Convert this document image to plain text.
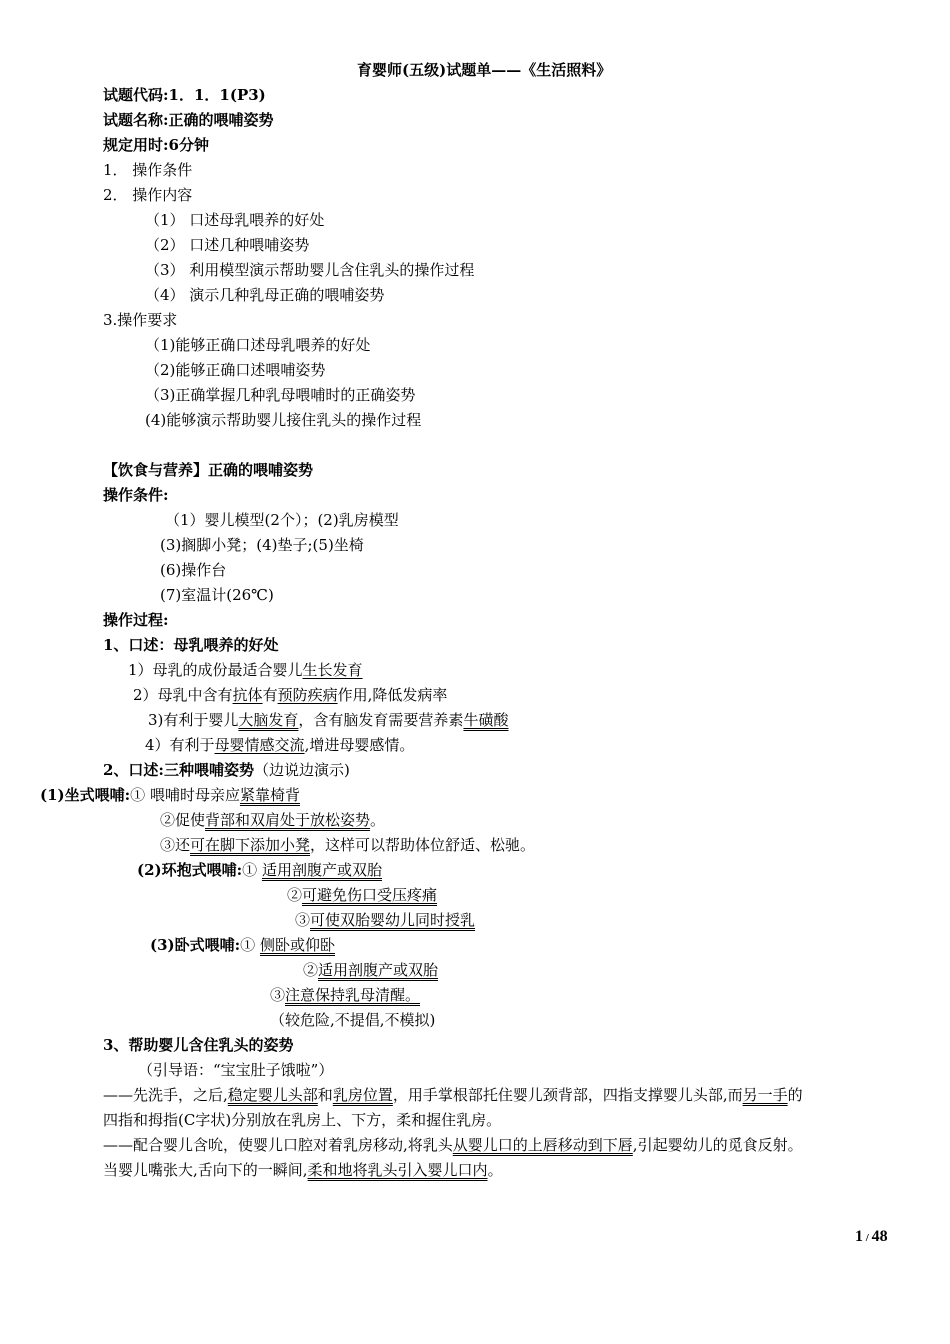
育婴师(五级)试题单——《生活照料》
试题代码:1．1．1(P3)
试题名称:正确的喂哺姿势
规定用时:6分钟
1． 操作条件
2． 操作内容
（1） 口述母乳喂养的好处
（2） 口述几种喂哺姿势
（3） 利用模型演示帮助婴儿含住乳头的操作过程
（4） 演示几种乳母正确的喂哺姿势
3.操作要求
（1)能够正确口述母乳喂养的好处
（2)能够正确口述喂哺姿势
（3)正确掌握几种乳母喂哺时的正确姿势
(4)能够演示帮助婴儿接住乳头的操作过程
【饮食与营养】正确的喂哺姿势
操作条件:
（1）婴儿模型(2个）；(2)乳房模型
(3)搁脚小凳；(4)垫子;(5)坐椅
(6)操作台
(7)室温计(26℃)
操作过程:
1、口述：母乳喂养的好处
1）母乳的成份最适合婴儿生长发育
2）母乳中含有抗体有预防疾病作用,降低发病率
3)有利于婴儿大脑发育，含有脑发育需要营养素牛磺酸
4）有利于母婴情感交流,增进母婴感情。
2、口述:三种喂哺姿势（边说边演示)
(1)坐式喂哺:① 喂哺时母亲应紧靠椅背
②促使背部和双肩处于放松姿势。
③还可在脚下添加小凳，这样可以帮助体位舒适、松驰。
(2)环抱式喂哺:① 适用剖腹产或双胎
②可避免伤口受压疼痛
③可使双胎婴幼儿同时授乳
(3)卧式喂哺:① 侧卧或仰卧
②适用剖腹产或双胎
③注意保持乳母清醒。
（较危险,不提倡,不模拟)
3、帮助婴儿含住乳头的姿势
（引导语：“宝宝肚子饿啦”）
——先洗手，之后,稳定婴儿头部和乳房位置，用手掌根部托住婴儿颈背部，四指支撑婴儿头部,而另一手的
四指和拇指(C字状)分别放在乳房上、下方，柔和握住乳房。
——配合婴儿含吮，使婴儿口腔对着乳房移动,将乳头从婴儿口的上唇移动到下唇,引起婴幼儿的觅食反射。
当婴儿嘴张大,舌向下的一瞬间,柔和地将乳头引入婴儿口内。
1 / 48
